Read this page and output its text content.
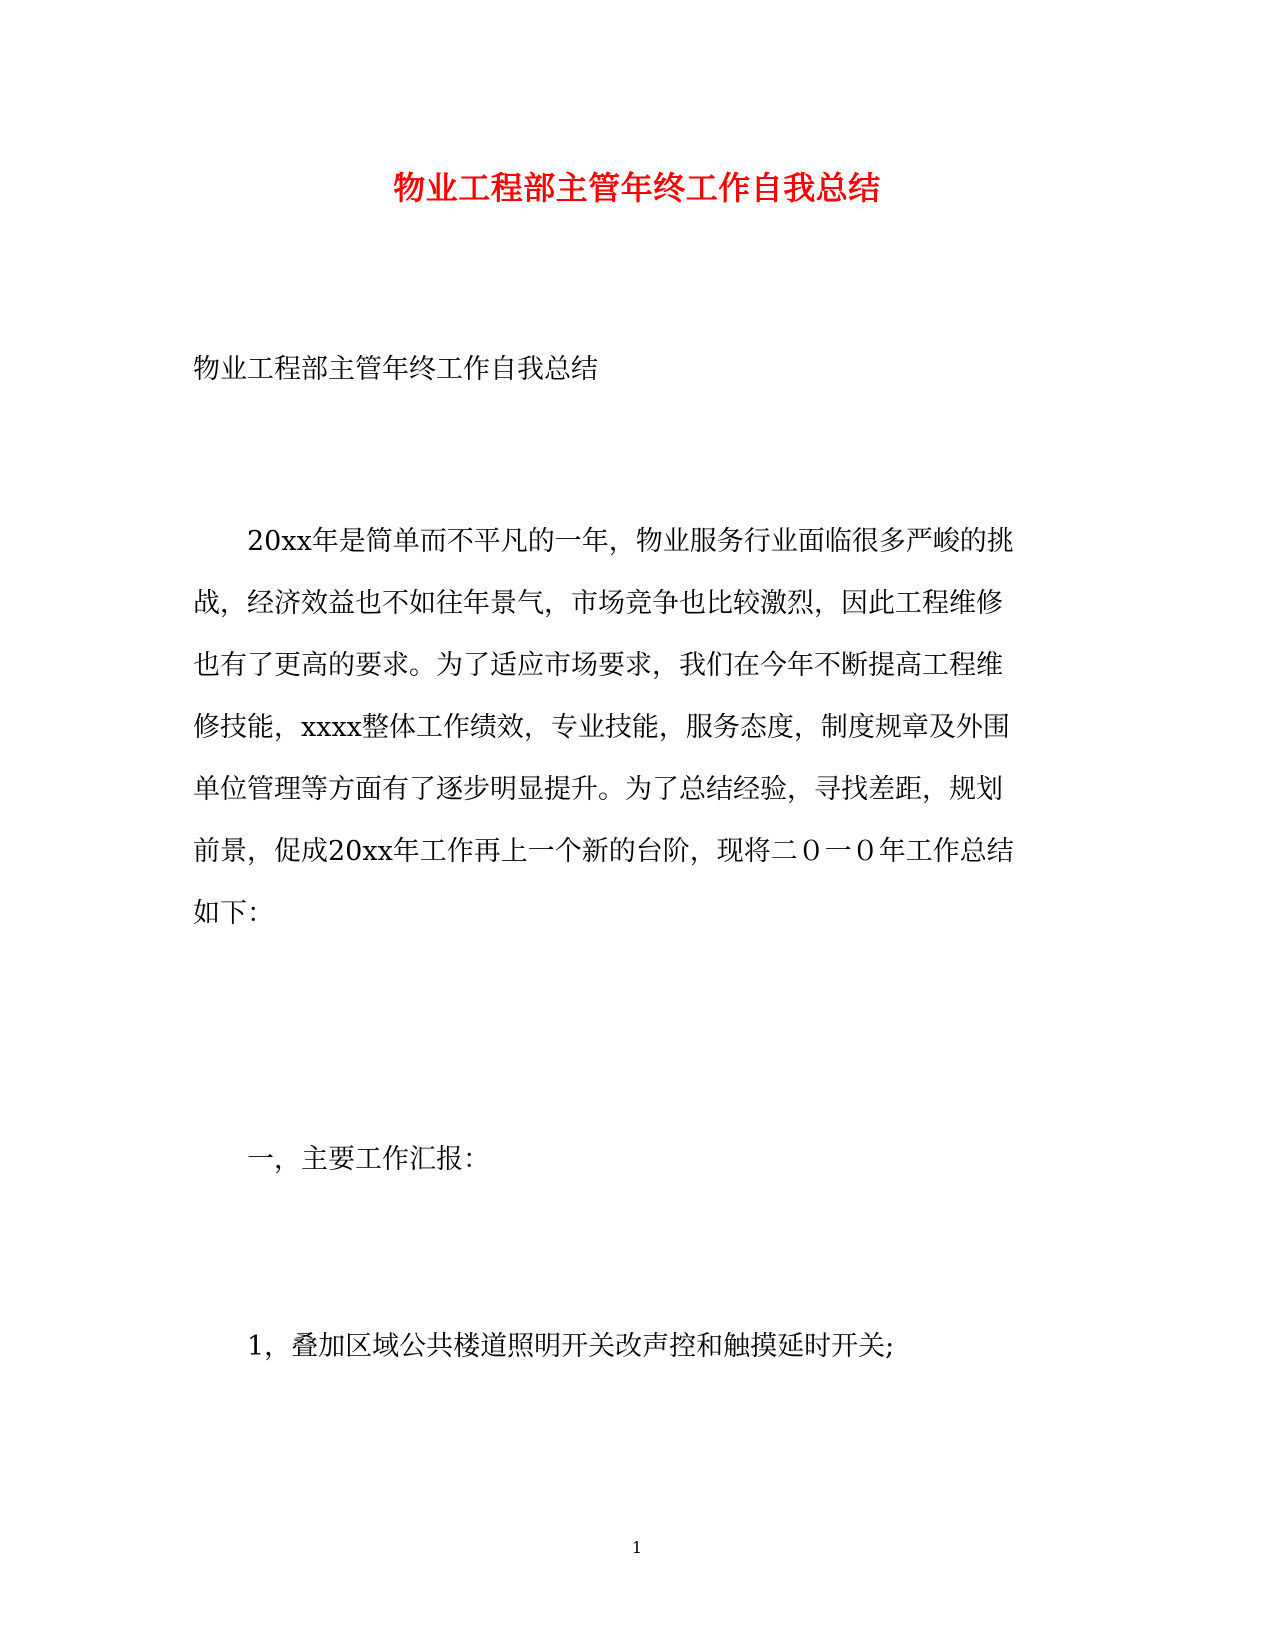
物业工程部主管年终工作自我总结
物业工程部主管年终工作自我总结
20xx年是简单而不平凡的一年，物业服务行业面临很多严峻的挑
战，经济效益也不如往年景气，市场竞争也比较激烈，因此工程维修
也有了更高的要求。为了适应市场要求，我们在今年不断提高工程维
修技能，xxxx整体工作绩效，专业技能，服务态度，制度规章及外围
单位管理等方面有了逐步明显提升。为了总结经验，寻找差距，规划
前景，促成20xx年工作再上一个新的台阶，现将二０一０年工作总结
如下：
一，主要工作汇报：
1，叠加区域公共楼道照明开关改声控和触摸延时开关;
1
